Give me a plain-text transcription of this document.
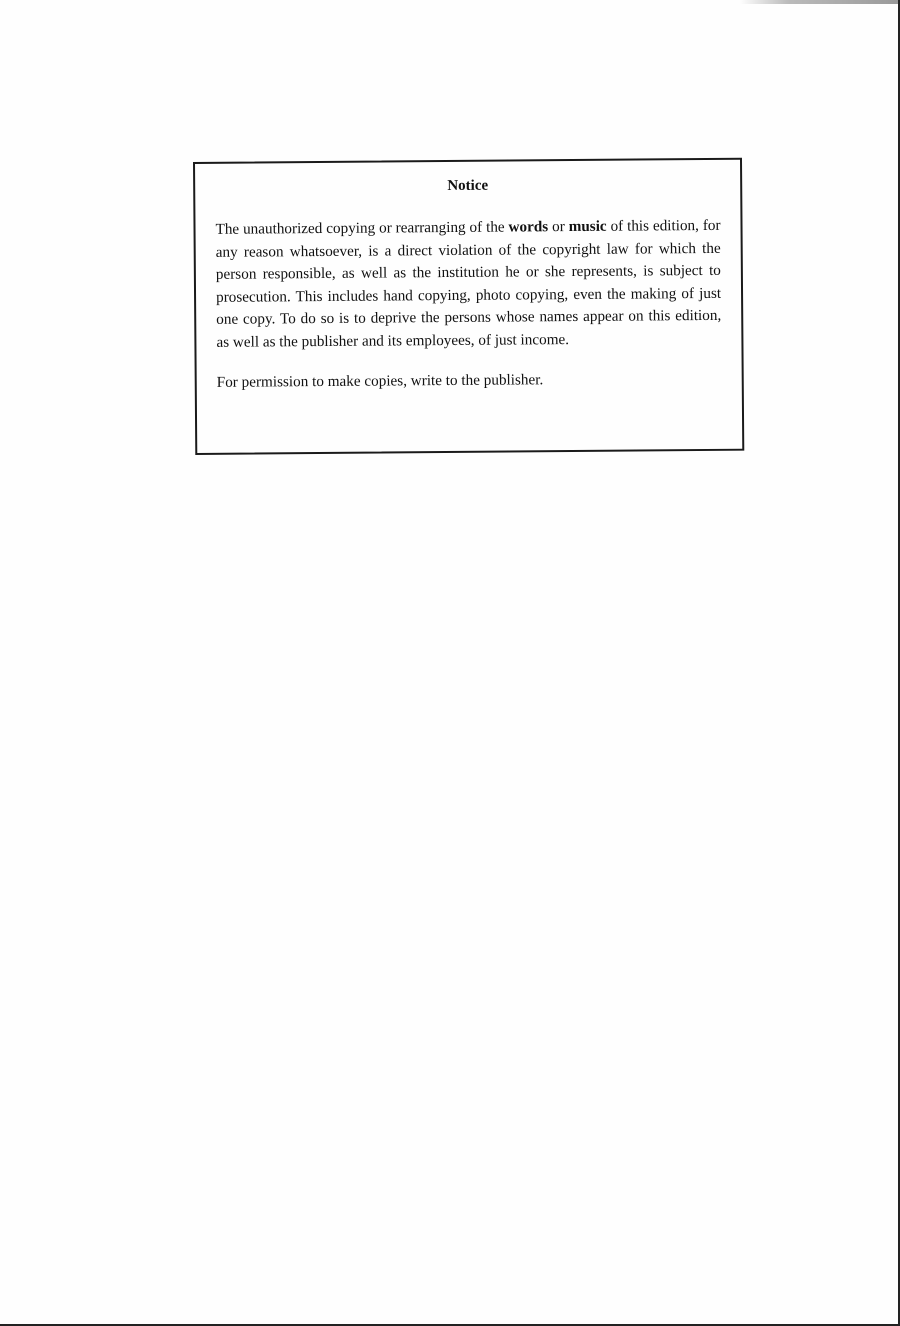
Notice

The unauthorized copying or rearranging of the words or music of this edition, for any reason whatsoever, is a direct violation of the copyright law for which the person responsible, as well as the institution he or she represents, is subject to prosecution. This includes hand copying, photo copying, even the making of just one copy. To do so is to deprive the persons whose names appear on this edition, as well as the publisher and its employees, of just income.

For permission to make copies, write to the publisher.
